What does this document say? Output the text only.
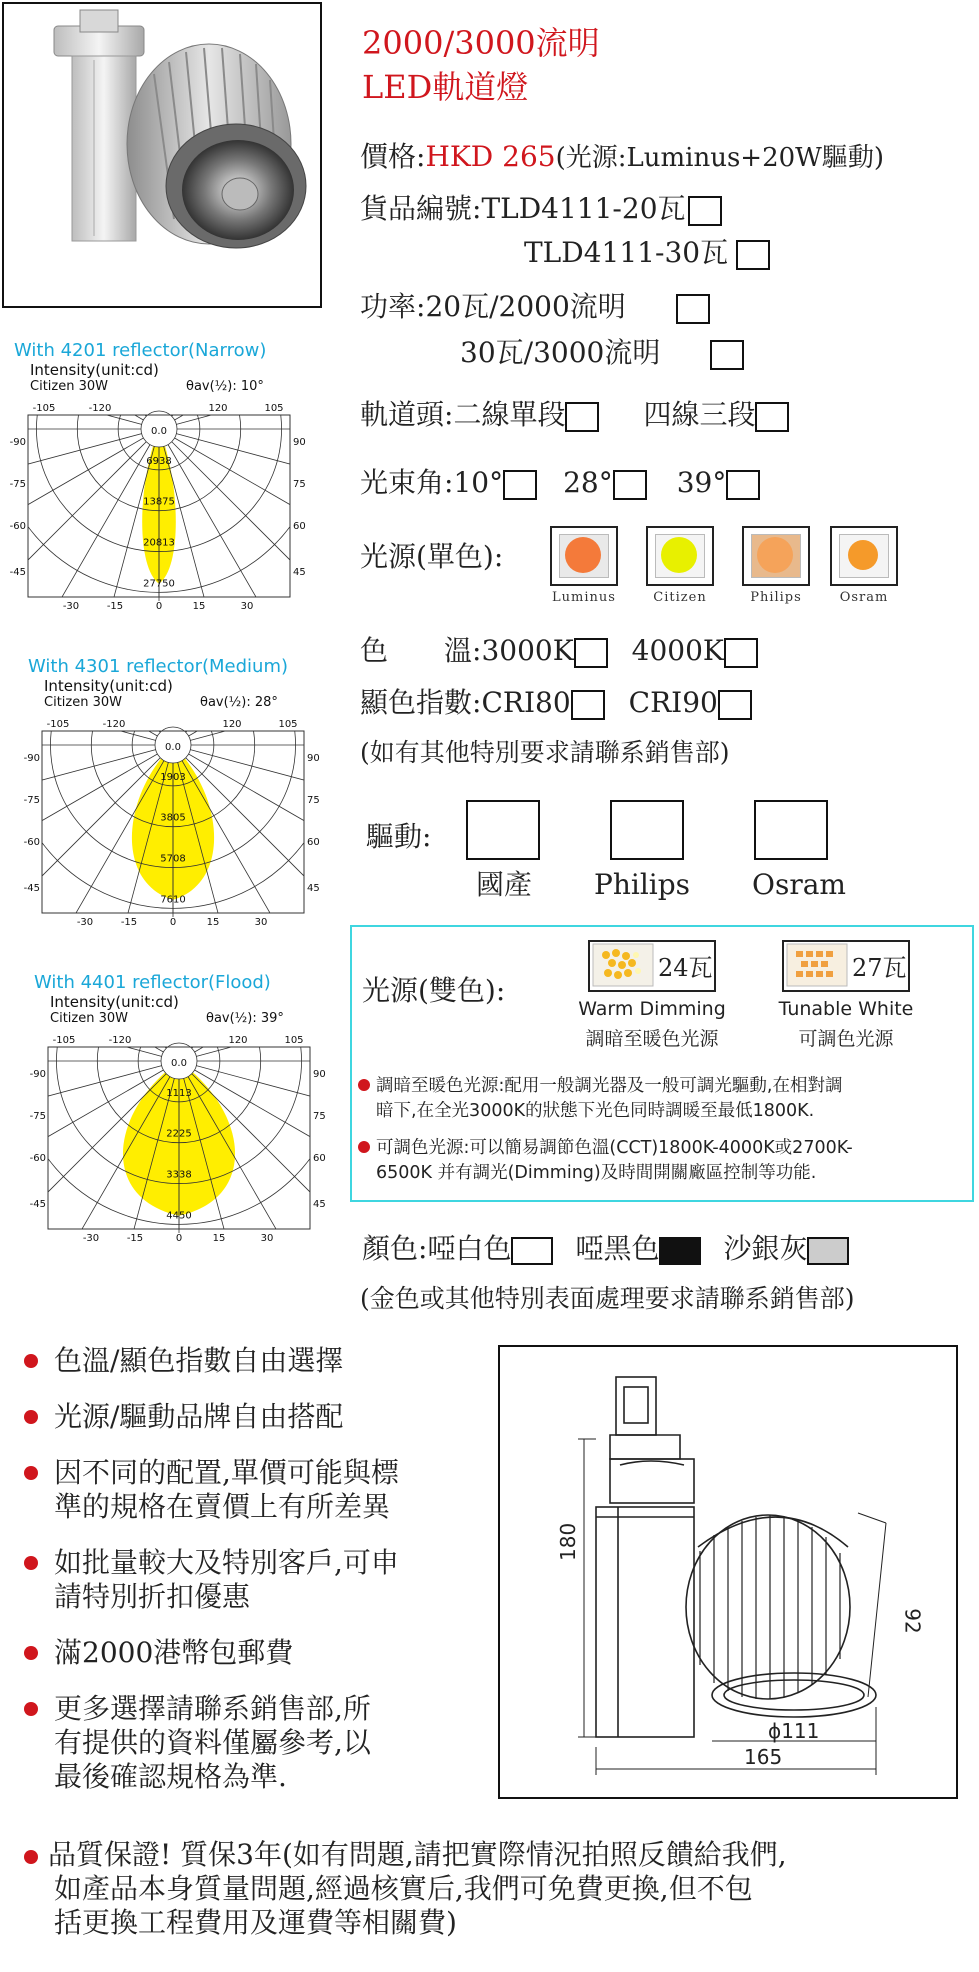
2000/3000流明
LED軌道燈
價格:HKD 265(光源:Luminus+20W驅動)
貨品編號:TLD4111-20瓦
TLD4111-30瓦
功率:20瓦/2000流明
30瓦/3000流明
軌道頭:二線單段	四線三段
光束角:10° 28° 39°
光源(單色):
Luminus	Citizen	Philips	Osram
色 溫:3000K 4000K
顯色指數:CRI80 CRI90
(如有其他特別要求請聯系銷售部)
驅動:
國產 Philips Osram
光源(雙色):
24瓦	27瓦
Warm Dimming
調暗至暖色光源
Tunable White
可調色光源
調暗至暖色光源:配用一般調光器及一般可調光驅動,在相對調
暗下,在全光3000K的狀態下光色同時調暖至最低1800K.
可調色光源:可以簡易調節色溫(CCT)1800K-4000K或2700K-
6500K 并有調光(Dimming)及時間開關廠區控制等功能.
顏色:啞白色 啞黑色 沙銀灰
(金色或其他特別表面處理要求請聯系銷售部)
With 4201 reflector(Narrow)
Intensity(unit:cd)
Citizen 30W	θav(½): 10°
0.0
6938
13875
20813
27750
-105	-120	120	105
-90	90
-75	75
-60	60
-45	45
-30	-15	0	15	30
With 4301 reflector(Medium)
Intensity(unit:cd)
Citizen 30W	θav(½): 28°
0.0
1903
3805
5708
7610
-105	-120	120	105
-90	90
-75	75
-60	60
-45	45
-30	-15	0	15	30
With 4401 reflector(Flood)
Intensity(unit:cd)
Citizen 30W	θav(½): 39°
0.0
1113
2225
3338
4450
-105	-120	120	105
-90	90
-75	75
-60	60
-45	45
-30	-15	0	15	30
色溫/顯色指數自由選擇
光源/驅動品牌自由搭配
因不同的配置,單價可能與標
準的規格在賣價上有所差異
如批量較大及特別客戶,可申
請特別折扣優惠
滿2000港幣包郵費
更多選擇請聯系銷售部,所
有提供的資料僅屬參考,以
最後確認規格為準.
180
92
ϕ111
165
品質保證! 質保3年(如有問題,請把實際情況拍照反饋給我們,
如產品本身質量問題,經過核實后,我們可免費更換,但不包
括更換工程費用及運費等相關費)
